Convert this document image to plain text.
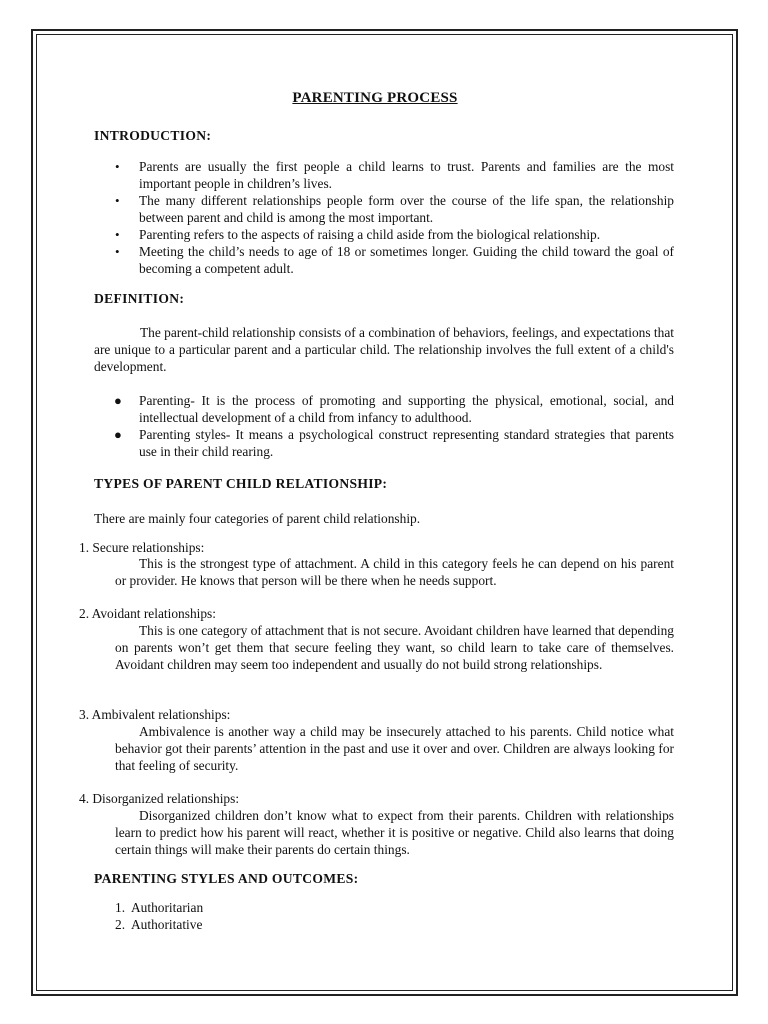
PARENTING PROCESS
INTRODUCTION:
• Parents are usually the first people a child learns to trust. Parents and families are the most important people in children’s lives.
• The many different relationships people form over the course of the life span, the relationship between parent and child is among the most important.
• Parenting refers to the aspects of raising a child aside from the biological relationship.
• Meeting the child’s needs to age of 18 or sometimes longer. Guiding the child toward the goal of becoming a competent adult.
DEFINITION:
The parent-child relationship consists of a combination of behaviors, feelings, and expectations that are unique to a particular parent and a particular child. The relationship involves the full extent of a child's development.
● Parenting- It is the process of promoting and supporting the physical, emotional, social, and intellectual development of a child from infancy to adulthood.
● Parenting styles- It means a psychological construct representing standard strategies that parents use in their child rearing.
TYPES OF PARENT CHILD RELATIONSHIP:
There are mainly four categories of parent child relationship.
1. Secure relationships:
This is the strongest type of attachment. A child in this category feels he can depend on his parent or provider. He knows that person will be there when he needs support.
2. Avoidant relationships:
This is one category of attachment that is not secure. Avoidant children have learned that depending on parents won’t get them that secure feeling they want, so child learn to take care of themselves. Avoidant children may seem too independent and usually do not build strong relationships.
3. Ambivalent relationships:
Ambivalence is another way a child may be insecurely attached to his parents. Child notice what behavior got their parents’ attention in the past and use it over and over. Children are always looking for that feeling of security.
4. Disorganized relationships:
Disorganized children don’t know what to expect from their parents. Children with relationships learn to predict how his parent will react, whether it is positive or negative. Child also learns that doing certain things will make their parents do certain things.
PARENTING STYLES AND OUTCOMES:
1. Authoritarian
2. Authoritative
